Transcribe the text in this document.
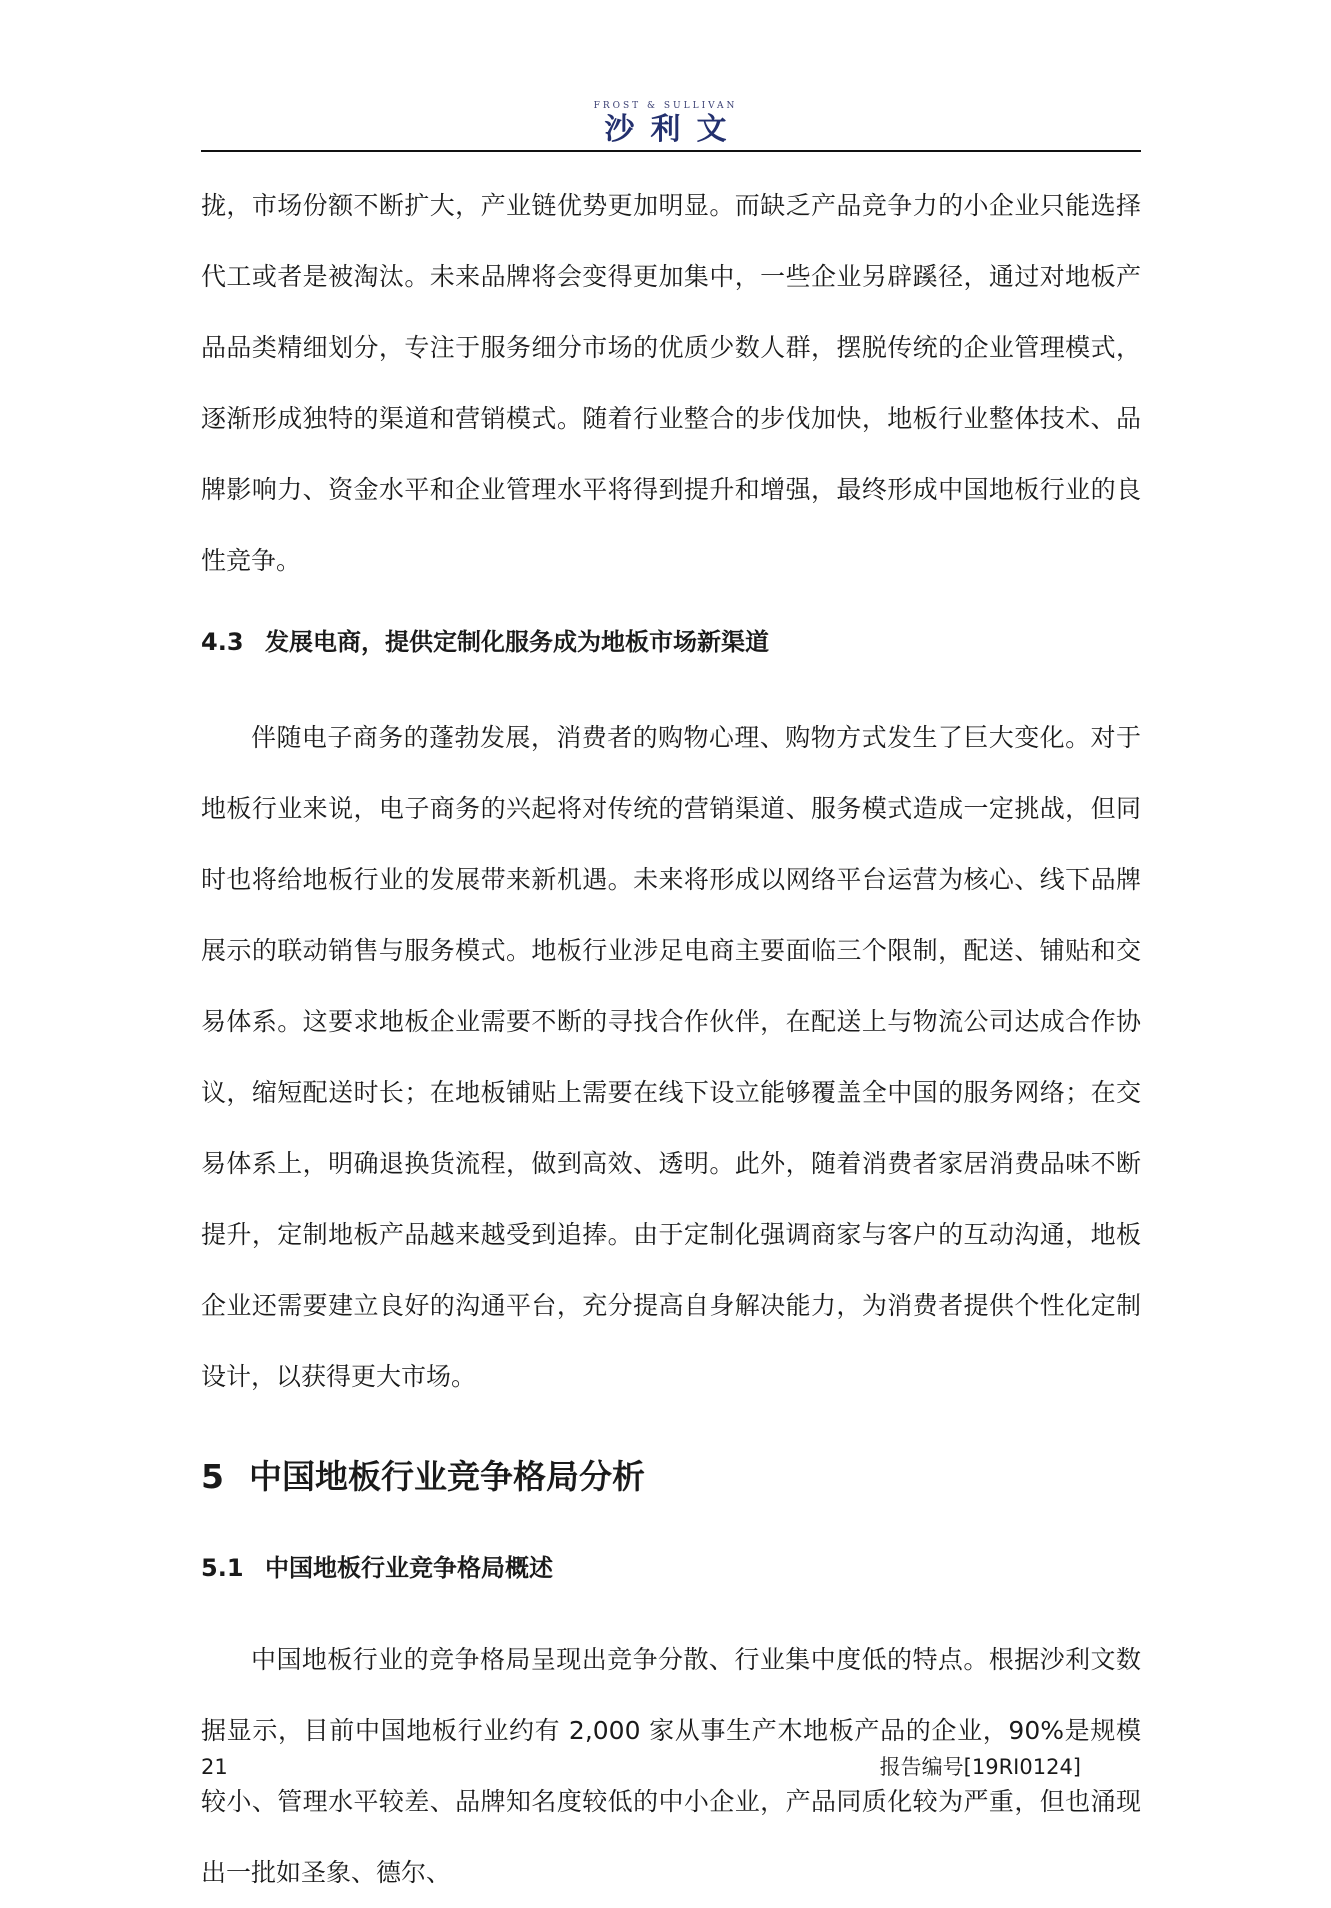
FROST & SULLIVAN
沙利文

拢，市场份额不断扩大，产业链优势更加明显。而缺乏产品竞争力的小企业只能选择代工或者是被淘汰。未来品牌将会变得更加集中，一些企业另辟蹊径，通过对地板产品品类精细划分，专注于服务细分市场的优质少数人群，摆脱传统的企业管理模式，逐渐形成独特的渠道和营销模式。随着行业整合的步伐加快，地板行业整体技术、品牌影响力、资金水平和企业管理水平将得到提升和增强，最终形成中国地板行业的良性竞争。

4.3 发展电商，提供定制化服务成为地板市场新渠道

伴随电子商务的蓬勃发展，消费者的购物心理、购物方式发生了巨大变化。对于地板行业来说，电子商务的兴起将对传统的营销渠道、服务模式造成一定挑战，但同时也将给地板行业的发展带来新机遇。未来将形成以网络平台运营为核心、线下品牌展示的联动销售与服务模式。地板行业涉足电商主要面临三个限制，配送、铺贴和交易体系。这要求地板企业需要不断的寻找合作伙伴，在配送上与物流公司达成合作协议，缩短配送时长；在地板铺贴上需要在线下设立能够覆盖全中国的服务网络；在交易体系上，明确退换货流程，做到高效、透明。此外，随着消费者家居消费品味不断提升，定制地板产品越来越受到追捧。由于定制化强调商家与客户的互动沟通，地板企业还需要建立良好的沟通平台，充分提高自身解决能力，为消费者提供个性化定制设计，以获得更大市场。

5 中国地板行业竞争格局分析
5.1 中国地板行业竞争格局概述

中国地板行业的竞争格局呈现出竞争分散、行业集中度低的特点。根据沙利文数据显示，目前中国地板行业约有 2,000 家从事生产木地板产品的企业，90%是规模较小、管理水平较差、品牌知名度较低的中小企业，产品同质化较为严重，但也涌现出一批如圣象、德尔、

21	报告编号[19RI0124]
